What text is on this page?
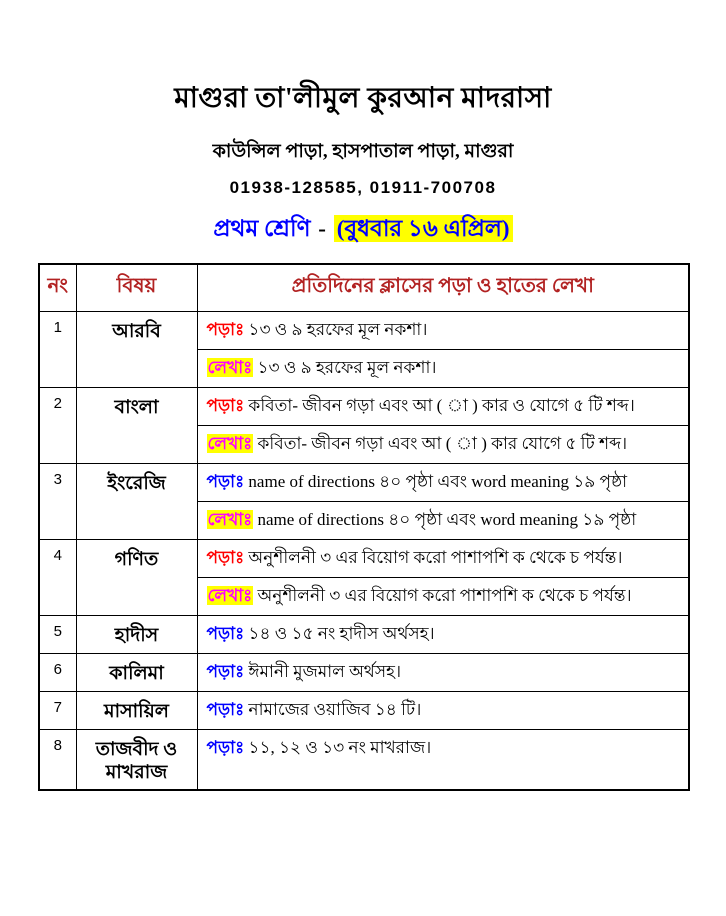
মাগুরা তা'লীমুল কুরআন মাদরাসা
কাউন্সিল পাড়া, হাসপাতাল পাড়া, মাগুরা
01938-128585, 01911-700708
প্রথম শ্রেণি - (বুধবার ১৬ এপ্রিল)
নং	বিষয়	প্রতিদিনের ক্লাসের পড়া ও হাতের লেখা
1	আরবি	পড়াঃ ১৩ ও ৯ হরফের মূল নকশা।
		লেখাঃ ১৩ ও ৯ হরফের মূল নকশা।
2	বাংলা	পড়াঃ কবিতা- জীবন গড়া এবং আ ( া ) কার ও যোগে ৫ টি শব্দ।
		লেখাঃ কবিতা- জীবন গড়া এবং আ ( া ) কার যোগে ৫ টি শব্দ।
3	ইংরেজি	পড়াঃ name of directions ৪০ পৃষ্ঠা এবং word meaning ১৯ পৃষ্ঠা
		লেখাঃ name of directions ৪০ পৃষ্ঠা এবং word meaning ১৯ পৃষ্ঠা
4	গণিত	পড়াঃ অনুশীলনী ৩ এর বিয়োগ করো পাশাপশি ক থেকে চ পর্যন্ত।
		লেখাঃ অনুশীলনী ৩ এর বিয়োগ করো পাশাপশি ক থেকে চ পর্যন্ত।
5	হাদীস	পড়াঃ ১৪ ও ১৫ নং হাদীস অর্থসহ।
6	কালিমা	পড়াঃ ঈমানী মুজমাল অর্থসহ।
7	মাসায়িল	পড়াঃ নামাজের ওয়াজিব ১৪ টি।
8	তাজবীদ ও মাখরাজ	পড়াঃ ১১, ১২ ও ১৩ নং মাখরাজ।
